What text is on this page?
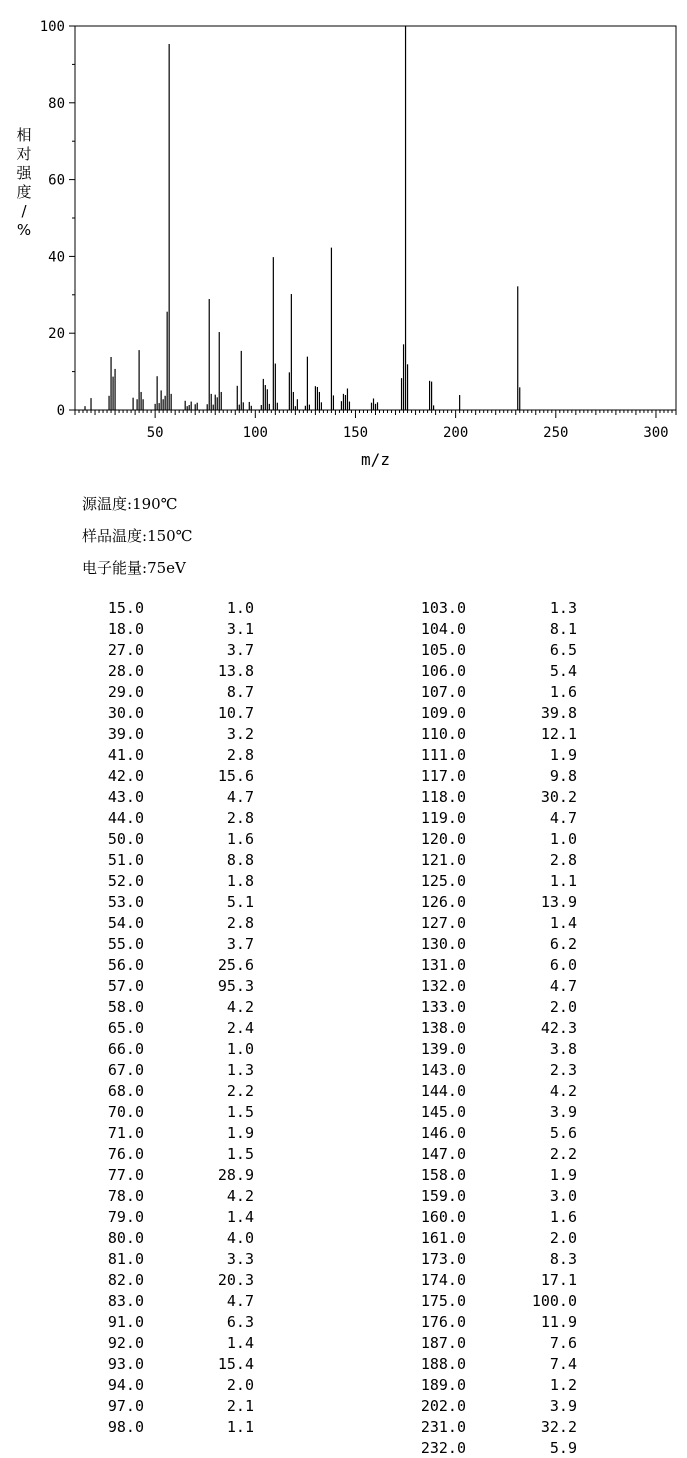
50	100	150	200	250	300
0
20
40
60
80
100
m/z
相对强度/ %
源温度:190℃
样品温度:150℃
电子能量:75eV
15.0	1.0
18.0	3.1
27.0	3.7
28.0	13.8
29.0	8.7
30.0	10.7
39.0	3.2
41.0	2.8
42.0	15.6
43.0	4.7
44.0	2.8
50.0	1.6
51.0	8.8
52.0	1.8
53.0	5.1
54.0	2.8
55.0	3.7
56.0	25.6
57.0	95.3
58.0	4.2
65.0	2.4
66.0	1.0
67.0	1.3
68.0	2.2
70.0	1.5
71.0	1.9
76.0	1.5
77.0	28.9
78.0	4.2
79.0	1.4
80.0	4.0
81.0	3.3
82.0	20.3
83.0	4.7
91.0	6.3
92.0	1.4
93.0	15.4
94.0	2.0
97.0	2.1
98.0	1.1
103.0	1.3
104.0	8.1
105.0	6.5
106.0	5.4
107.0	1.6
109.0	39.8
110.0	12.1
111.0	1.9
117.0	9.8
118.0	30.2
119.0	4.7
120.0	1.0
121.0	2.8
125.0	1.1
126.0	13.9
127.0	1.4
130.0	6.2
131.0	6.0
132.0	4.7
133.0	2.0
138.0	42.3
139.0	3.8
143.0	2.3
144.0	4.2
145.0	3.9
146.0	5.6
147.0	2.2
158.0	1.9
159.0	3.0
160.0	1.6
161.0	2.0
173.0	8.3
174.0	17.1
175.0	100.0
176.0	11.9
187.0	7.6
188.0	7.4
189.0	1.2
202.0	3.9
231.0	32.2
232.0	5.9
